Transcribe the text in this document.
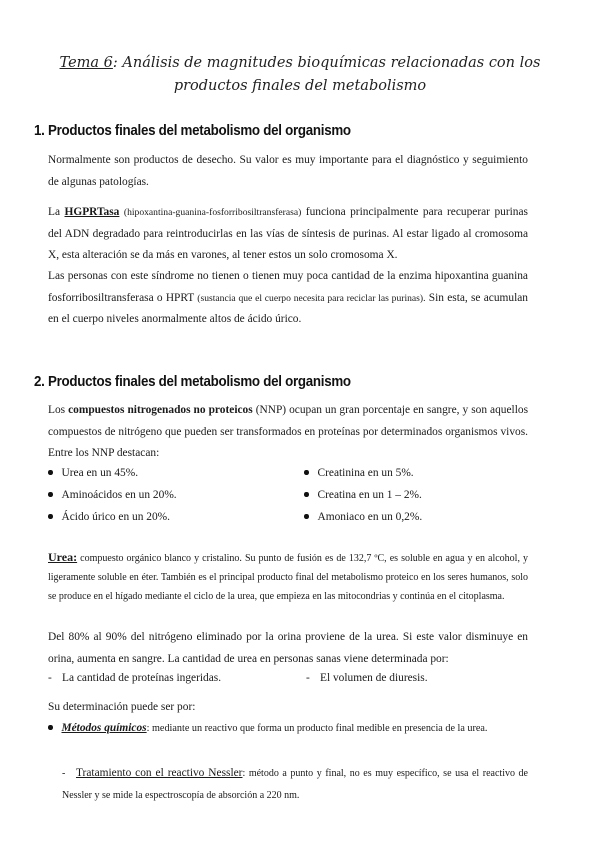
Tema 6: Análisis de magnitudes bioquímicas relacionadas con los
productos finales del metabolismo
1. Productos finales del metabolismo del organismo
Normalmente son productos de desecho. Su valor es muy importante para el diagnóstico y seguimiento de algunas patologías.
La HGPRTasa (hipoxantina-guanina-fosforribosiltransferasa) funciona principalmente para recuperar purinas del ADN degradado para reintroducirlas en las vías de síntesis de purinas. Al estar ligado al cromosoma X, esta alteración se da más en varones, al tener estos un solo cromosoma X.
Las personas con este síndrome no tienen o tienen muy poca cantidad de la enzima hipoxantina guanina fosforribosiltransferasa o HPRT (sustancia que el cuerpo necesita para reciclar las purinas). Sin esta, se acumulan en el cuerpo niveles anormalmente altos de ácido úrico.
2. Productos finales del metabolismo del organismo
Los compuestos nitrogenados no proteicos (NNP) ocupan un gran porcentaje en sangre, y son aquellos compuestos de nitrógeno que pueden ser transformados en proteínas por determinados organismos vivos. Entre los NNP destacan:
Urea en un 45%.
Aminoácidos en un 20%.
Ácido úrico en un 20%.
Creatinina en un 5%.
Creatina en un 1 – 2%.
Amoniaco en un 0,2%.
Urea: compuesto orgánico blanco y cristalino. Su punto de fusión es de 132,7 ºC, es soluble en agua y en alcohol, y ligeramente soluble en éter. También es el principal producto final del metabolismo proteico en los seres humanos, solo se produce en el hígado mediante el ciclo de la urea, que empieza en las mitocondrias y continúa en el citoplasma.
Del 80% al 90% del nitrógeno eliminado por la orina proviene de la urea. Si este valor disminuye en orina, aumenta en sangre. La cantidad de urea en personas sanas viene determinada por:
- La cantidad de proteínas ingeridas.	- El volumen de diuresis.
Su determinación puede ser por:
Métodos químicos: mediante un reactivo que forma un producto final medible en presencia de la urea.
- Tratamiento con el reactivo Nessler: método a punto y final, no es muy específico, se usa el reactivo de Nessler y se mide la espectroscopía de absorción a 220 nm.
